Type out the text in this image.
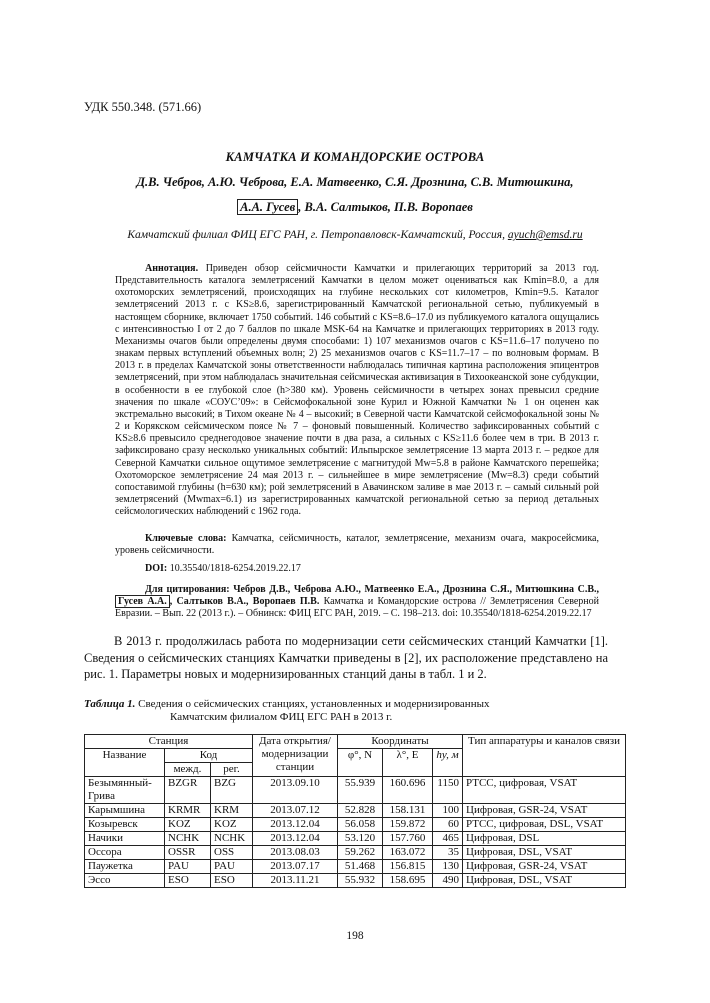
УДК 550.348. (571.66)
КАМЧАТКА И КОМАНДОРСКИЕ ОСТРОВА
Д.В. Чебров, А.Ю. Чеброва, Е.А. Матвеенко, С.Я. Дрознина, С.В. Митюшкина,
А.А. Гусев , В.А. Салтыков, П.В. Воропаев
Камчатский филиал ФИЦ ЕГС РАН, г. Петропавловск-Камчатский, Россия, ayuch@emsd.ru
Аннотация. Приведен обзор сейсмичности Камчатки и прилегающих территорий за 2013 год. Представительность каталога землетрясений Камчатки в целом может оцениваться как Kmin=8.0, а для охотоморских землетрясений, происходящих на глубине нескольких сот километров, Kmin=9.5. Каталог землетрясений 2013 г. с KS≥8.6, зарегистрированный Камчатской региональной сетью, публикуемый в настоящем сборнике, включает 1750 событий. 146 событий с KS=8.6–17.0 из публикуемого каталога ощущались с интенсивностью I от 2 до 7 баллов по шкале MSK-64 на Камчатке и прилегающих территориях в 2013 году. Механизмы очагов были определены двумя способами: 1) 107 механизмов очагов с KS=11.6–17 получено по знакам первых вступлений объемных волн; 2) 25 механизмов очагов с KS=11.7–17 – по волновым формам. В 2013 г. в пределах Камчатской зоны ответственности наблюдалась типичная картина расположения эпицентров землетрясений, при этом наблюдалась значительная сейсмическая активизация в Тихоокеанской зоне субдукции, в особенности в ее глубокой слое (h>380 км). Уровень сейсмичности в четырех зонах превысил средние значения по шкале «СОУС’09»: в Сейсмофокальной зоне Курил и Южной Камчатки № 1 он оценен как экстремально высокий; в Тихом океане № 4 – высокий; в Северной части Камчатской сейсмофокальной зоны № 2 и Корякском сейсмическом поясе № 7 – фоновый повышенный. Количество зафиксированных событий с KS≥8.6 превысило среднегодовое значение почти в два раза, а сильных с KS≥11.6 более чем в три. В 2013 г. зафиксировано сразу несколько уникальных событий: Ильпырское землетрясение 13 марта 2013 г. – редкое для Северной Камчатки сильное ощутимое землетрясение с магнитудой Mw=5.8 в районе Камчатского перешейка; Охотоморское землетрясение 24 мая 2013 г. – сильнейшее в мире землетрясение (Mw=8.3) среди событий сопоставимой глубины (h=630 км); рой землетрясений в Авачинском заливе в мае 2013 г. – самый сильный рой землетрясений (Mwmax=6.1) из зарегистрированных камчатской региональной сетью за период детальных сейсмологических наблюдений с 1962 года.
Ключевые слова: Камчатка, сейсмичность, каталог, землетрясение, механизм очага, макросейсмика, уровень сейсмичности.
DOI: 10.35540/1818-6254.2019.22.17
Для цитирования: Чебров Д.В., Чеброва А.Ю., Матвеенко Е.А., Дрознина С.Я., Митюшкина С.В., Гусев А.А. , Салтыков В.А., Воропаев П.В. Камчатка и Командорские острова // Землетрясения Северной Евразии. – Вып. 22 (2013 г.). – Обнинск: ФИЦ ЕГС РАН, 2019. – С. 198–213. doi: 10.35540/1818-6254.2019.22.17
В 2013 г. продолжилась работа по модернизации сети сейсмических станций Камчатки [1]. Сведения о сейсмических станциях Камчатки приведены в [2], их расположение представлено на рис. 1. Параметры новых и модернизированных станций даны в табл. 1 и 2.
Таблица 1. Сведения о сейсмических станциях, установленных и модернизированных
Камчатским филиалом ФИЦ ЕГС РАН в 2013 г.
Станция			Дата открытия/ модернизации станции	Координаты			Тип аппаратуры и каналов связи
Название	Код			φ°, N	λ°, E	hy, м	
	межд.	рег.					
Безымянный-Грива	BZGR	BZG	2013.09.10	55.939	160.696	1150	РТСС, цифровая, VSAT
Карымшина	KRMR	KRM	2013.07.12	52.828	158.131	100	Цифровая, GSR-24, VSAT
Козыревск	KOZ	KOZ	2013.12.04	56.058	159.872	60	РТСС, цифровая, DSL, VSAT
Начики	NCHK	NCHK	2013.12.04	53.120	157.760	465	Цифровая, DSL
Оссора	OSSR	OSS	2013.08.03	59.262	163.072	35	Цифровая, DSL, VSAT
Паужетка	PAU	PAU	2013.07.17	51.468	156.815	130	Цифровая, GSR-24, VSAT
Эссо	ESO	ESO	2013.11.21	55.932	158.695	490	Цифровая, DSL, VSAT
198
